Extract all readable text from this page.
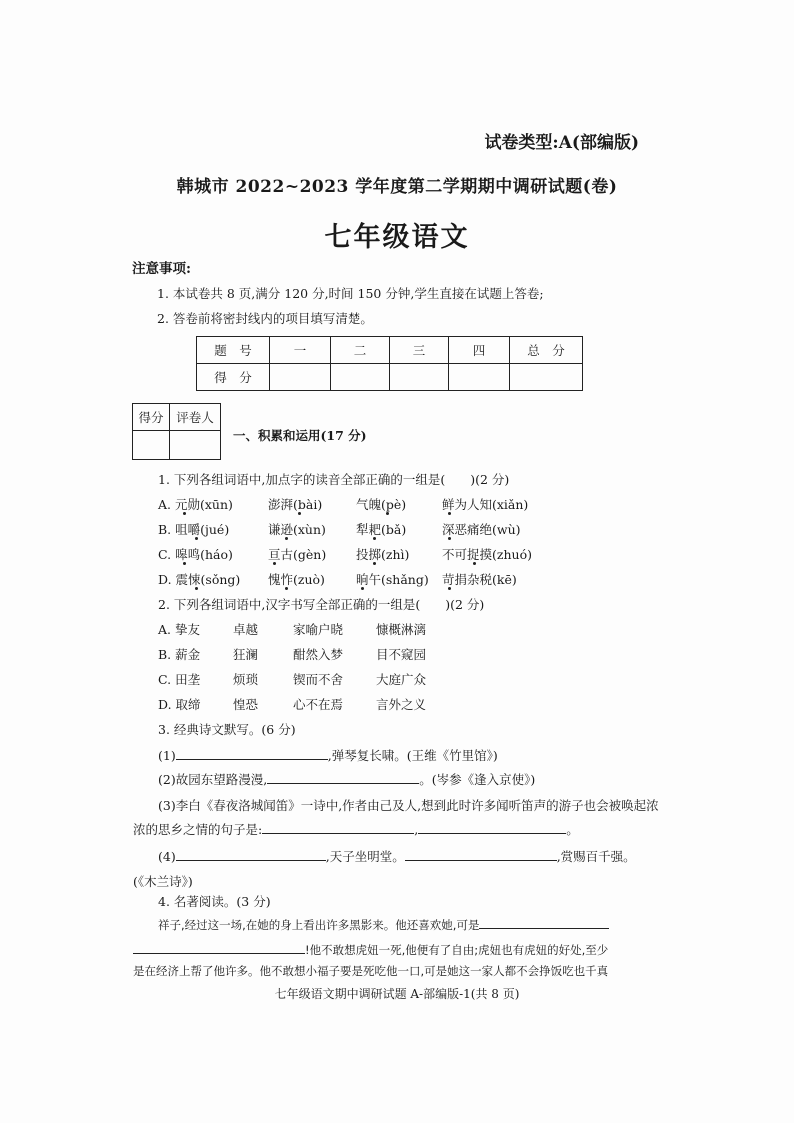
试卷类型:A(部编版)
韩城市 2022~2023 学年度第二学期期中调研试题(卷)
七年级语文
注意事项:
1. 本试卷共 8 页,满分 120 分,时间 150 分钟,学生直接在试题上答卷;
2. 答卷前将密封线内的项目填写清楚。
题　号	一	二	三	四	总　分
得　分					
得分	评卷人

一、积累和运用(17 分)
1. 下列各组词语中,加点字的读音全部正确的一组是(　　)(2 分)
A. 元勋(xūn)	澎湃(bài)	气魄(pè)	鲜为人知(xiǎn)
B. 咀嚼(jué)	谦逊(xùn) 犁耙(bǎ)	深恶痛绝(wù)
C. 嗥鸣(háo)	亘古(gèn) 投掷(zhì)	不可捉摸(zhuó)
D. 震悚(sǒng) 愧怍(zuò) 晌午(shǎng) 苛捐杂税(kē)
2. 下列各组词语中,汉字书写全部正确的一组是(　　)(2 分)
A. 挚友	卓越	家喻户晓	慷概淋漓
B. 薪金	狂澜	酣然入梦	目不窥园
C. 田垄	烦琐	锲而不舍	大庭广众
D. 取缔	惶恐	心不在焉	言外之义
3. 经典诗文默写。(6 分)
(1)	,弹琴复长啸。(王维《竹里馆》)
(2)故园东望路漫漫,	。(岑参《逢入京使》)
(3)李白《春夜洛城闻笛》一诗中,作者由己及人,想到此时许多闻听笛声的游子也会被唤起浓
浓的思乡之情的句子是:	,	。
(4)	,天子坐明堂。	,赏赐百千强。
(《木兰诗》)
4. 名著阅读。(3 分)
祥子,经过这一场,在她的身上看出许多黑影来。他还喜欢她,可是
!他不敢想虎妞一死,他便有了自由;虎妞也有虎妞的好处,至少
是在经济上帮了他许多。他不敢想小福子要是死吃他一口,可是她这一家人都不会挣饭吃也千真
七年级语文期中调研试题 A-部编版-1(共 8 页)
